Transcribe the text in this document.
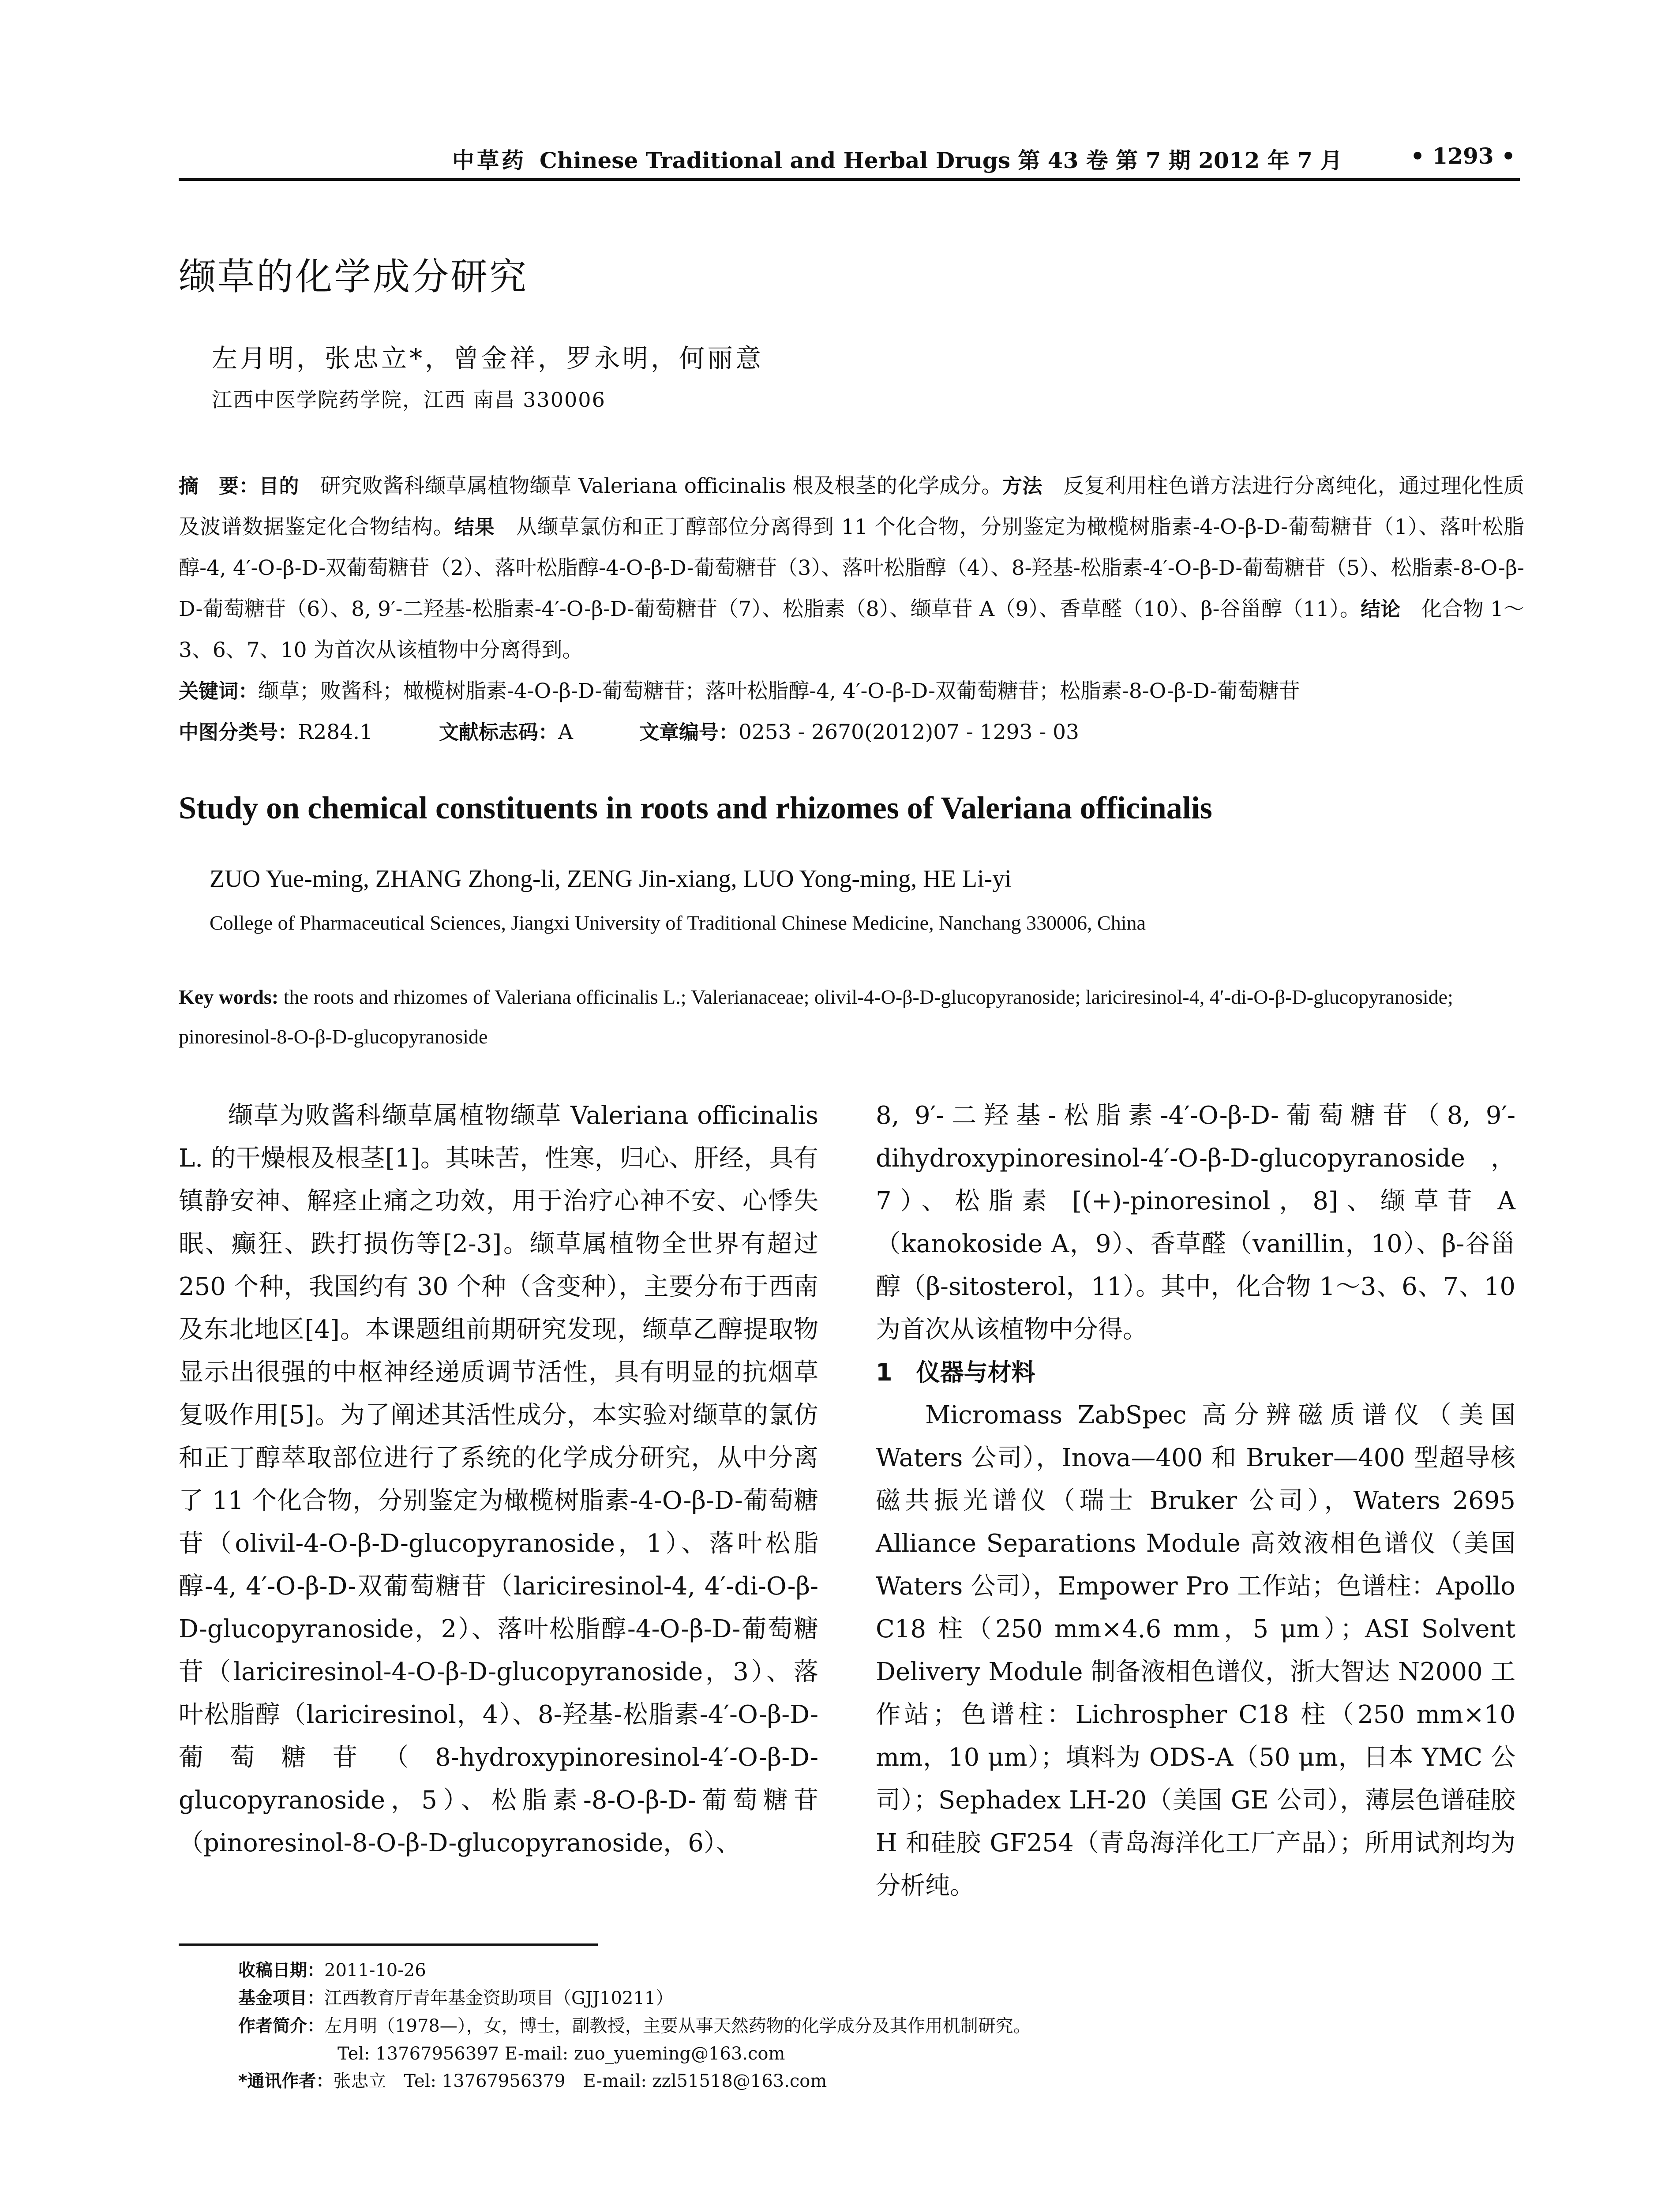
中草药 Chinese Traditional and Herbal Drugs 第 43 卷 第 7 期 2012 年 7 月	• 1293 •
缬草的化学成分研究
左月明，张忠立*，曾金祥，罗永明，何丽意
江西中医学院药学院，江西 南昌 330006

摘　要：目的　研究败酱科缬草属植物缬草 Valeriana officinalis 根及根茎的化学成分。方法　反复利用柱色谱方法进行分离纯化，通过理化性质及波谱数据鉴定化合物结构。结果　从缬草氯仿和正丁醇部位分离得到 11 个化合物，分别鉴定为橄榄树脂素-4-O-β-D-葡萄糖苷（1）、落叶松脂醇-4, 4′-O-β-D-双葡萄糖苷（2）、落叶松脂醇-4-O-β-D-葡萄糖苷（3）、落叶松脂醇（4）、8-羟基-松脂素-4′-O-β-D-葡萄糖苷（5）、松脂素-8-O-β-D-葡萄糖苷（6）、8, 9′-二羟基-松脂素-4′-O-β-D-葡萄糖苷（7）、松脂素（8）、缬草苷 A（9）、香草醛（10）、β-谷甾醇（11）。结论　化合物 1～3、6、7、10 为首次从该植物中分离得到。

关键词：缬草；败酱科；橄榄树脂素-4-O-β-D-葡萄糖苷；落叶松脂醇-4, 4′-O-β-D-双葡萄糖苷；松脂素-8-O-β-D-葡萄糖苷

中图分类号：R284.1	文献标志码：A	文章编号：0253 - 2670(2012)07 - 1293 - 03

Study on chemical constituents in roots and rhizomes of Valeriana officinalis
ZUO Yue-ming, ZHANG Zhong-li, ZENG Jin-xiang, LUO Yong-ming, HE Li-yi
College of Pharmaceutical Sciences, Jiangxi University of Traditional Chinese Medicine, Nanchang 330006, China
Key words: the roots and rhizomes of Valeriana officinalis L.; Valerianaceae; olivil-4-O-β-D-glucopyranoside; lariciresinol-4, 4′-di-O-β-D-glucopyranoside; pinoresinol-8-O-β-D-glucopyranoside

缬草为败酱科缬草属植物缬草 Valeriana officinalis L. 的干燥根及根茎[1]。其味苦，性寒，归心、肝经，具有镇静安神、解痉止痛之功效，用于治疗心神不安、心悸失眠、癫狂、跌打损伤等[2-3]。缬草属植物全世界有超过 250 个种，我国约有 30 个种（含变种），主要分布于西南及东北地区[4]。本课题组前期研究发现，缬草乙醇提取物显示出很强的中枢神经递质调节活性，具有明显的抗烟草复吸作用[5]。为了阐述其活性成分，本实验对缬草的氯仿和正丁醇萃取部位进行了系统的化学成分研究，从中分离了 11 个化合物，分别鉴定为橄榄树脂素-4-O-β-D-葡萄糖苷（olivil-4-O-β-D-glucopyranoside，1）、落叶松脂醇-4, 4′-O-β-D-双葡萄糖苷（lariciresinol-4, 4′-di-O-β-D-glucopyranoside，2）、落叶松脂醇-4-O-β-D-葡萄糖苷（lariciresinol-4-O-β-D-glucopyranoside，3）、落叶松脂醇（lariciresinol，4）、8-羟基-松脂素-4′-O-β-D-葡萄糖苷（8-hydroxypinoresinol-4′-O-β-D-glucopyranoside，5）、松脂素-8-O-β-D-葡萄糖苷（pinoresinol-8-O-β-D-glucopyranoside，6）、

8, 9′-二羟基-松脂素-4′-O-β-D-葡萄糖苷（8, 9′-dihydroxypinoresinol-4′-O-β-D-glucopyranoside，7）、松脂素 [(+)-pinoresinol，8]、缬草苷 A（kanokoside A，9）、香草醛（vanillin，10）、β-谷甾醇（β-sitosterol，11）。其中，化合物 1～3、6、7、10 为首次从该植物中分得。

1　仪器与材料

Micromass ZabSpec 高分辨磁质谱仪（美国 Waters 公司），Inova—400 和 Bruker—400 型超导核磁共振光谱仪（瑞士 Bruker 公司），Waters 2695 Alliance Separations Module 高效液相色谱仪（美国 Waters 公司），Empower Pro 工作站；色谱柱：Apollo C18 柱（250 mm×4.6 mm，5 μm）；ASI Solvent Delivery Module 制备液相色谱仪，浙大智达 N2000 工作站；色谱柱：Lichrospher C18 柱（250 mm×10 mm，10 μm）；填料为 ODS-A（50 μm，日本 YMC 公司）；Sephadex LH-20（美国 GE 公司），薄层色谱硅胶 H 和硅胶 GF254（青岛海洋化工厂产品）；所用试剂均为分析纯。

收稿日期：2011-10-26
基金项目：江西教育厅青年基金资助项目（GJJ10211）
作者简介：左月明（1978—），女，博士，副教授，主要从事天然药物的化学成分及其作用机制研究。
Tel: 13767956397 E-mail: zuo_yueming@163.com
*通讯作者：张忠立　Tel: 13767956379　E-mail: zzl51518@163.com
